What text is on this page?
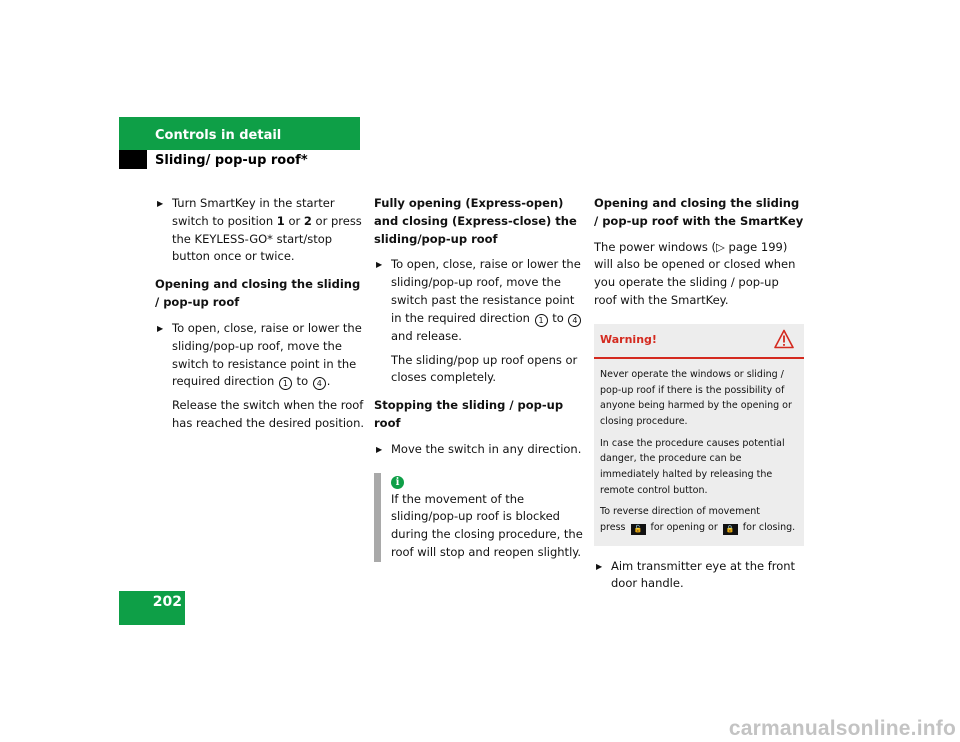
Controls in detail
Sliding/ pop-up roof*
202
▶ Turn SmartKey in the starter switch to position 1 or 2 or press the KEYLESS-GO* start/stop button once or twice.

Opening and closing the sliding / pop-up roof

▶ To open, close, raise or lower the sliding/pop-up roof, move the switch to resistance point in the required direction 1 to 4 .

Release the switch when the roof has reached the desired position.

Fully opening (Express-open) and closing (Express-close) the sliding/pop-up roof

▶ To open, close, raise or lower the sliding/pop-up roof, move the switch past the resistance point in the required direction 1 to 4 and release.

The sliding/pop up roof opens or closes completely.

Stopping the sliding / pop-up roof

▶ Move the switch in any direction.
i

If the movement of the sliding/pop-up roof is blocked during the closing procedure, the roof will stop and reopen slightly.

Opening and closing the sliding / pop-up roof with the SmartKey

The power windows (▷ page 199) will also be opened or closed when you operate the sliding / pop-up roof with the SmartKey.

Warning!

Never operate the windows or sliding / pop-up roof if there is the possibility of anyone being harmed by the opening or closing procedure.

In case the procedure causes potential danger, the procedure can be immediately halted by releasing the remote control button.

To reverse direction of movement
press 🔓 for opening or 🔒 for closing.

▶ Aim transmitter eye at the front door handle.
carmanualsonline.info
